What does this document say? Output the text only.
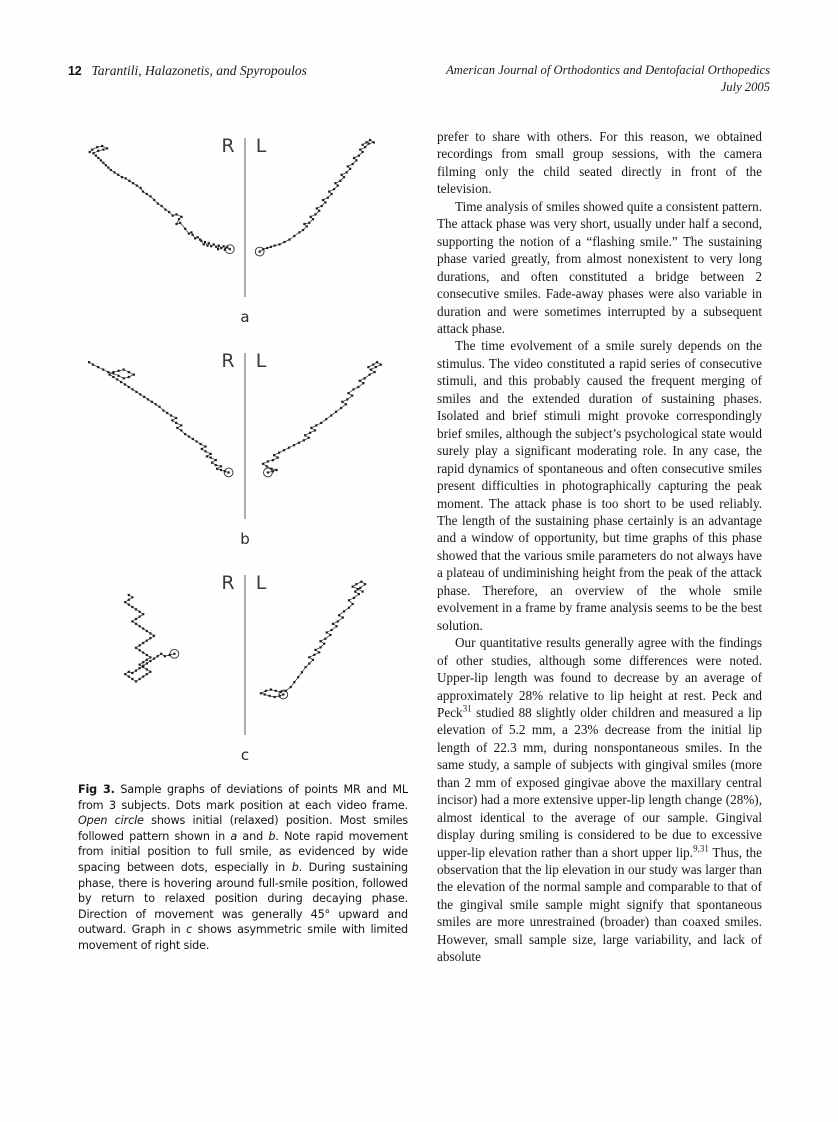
12 Tarantili, Halazonetis, and Spyropoulos	American Journal of Orthodontics and Dentofacial Orthopedics
July 2005
R L
a
R L
b
R L
c
Fig 3. Sample graphs of deviations of points MR and ML from 3 subjects. Dots mark position at each video frame. Open circle shows initial (relaxed) position. Most smiles followed pattern shown in a and b. Note rapid movement from initial position to full smile, as evidenced by wide spacing between dots, especially in b. During sustaining phase, there is hovering around full-smile position, followed by return to relaxed position during decaying phase. Direction of movement was generally 45° upward and outward. Graph in c shows asymmetric smile with limited movement of right side.

prefer to share with others. For this reason, we obtained recordings from small group sessions, with the camera filming only the child seated directly in front of the television.

Time analysis of smiles showed quite a consistent pattern. The attack phase was very short, usually under half a second, supporting the notion of a “flashing smile.” The sustaining phase varied greatly, from almost nonexistent to very long durations, and often constituted a bridge between 2 consecutive smiles. Fade-away phases were also variable in duration and were sometimes interrupted by a subsequent attack phase.

The time evolvement of a smile surely depends on the stimulus. The video constituted a rapid series of consecutive stimuli, and this probably caused the frequent merging of smiles and the extended duration of sustaining phases. Isolated and brief stimuli might provoke correspondingly brief smiles, although the subject’s psychological state would surely play a significant moderating role. In any case, the rapid dynamics of spontaneous and often consecutive smiles present difficulties in photographically capturing the peak moment. The attack phase is too short to be used reliably. The length of the sustaining phase certainly is an advantage and a window of opportunity, but time graphs of this phase showed that the various smile parameters do not always have a plateau of undiminishing height from the peak of the attack phase. Therefore, an overview of the whole smile evolvement in a frame by frame analysis seems to be the best solution.

Our quantitative results generally agree with the findings of other studies, although some differences were noted. Upper-lip length was found to decrease by an average of approximately 28% relative to lip height at rest. Peck and Peck$^{31}$ studied 88 slightly older children and measured a lip elevation of 5.2 mm, a 23% decrease from the initial lip length of 22.3 mm, during nonspontaneous smiles. In the same study, a sample of subjects with gingival smiles (more than 2 mm of exposed gingivae above the maxillary central incisor) had a more extensive upper-lip length change (28%), almost identical to the average of our sample. Gingival display during smiling is considered to be due to excessive upper-lip elevation rather than a short upper lip.$^{9,31}$ Thus, the observation that the lip elevation in our study was larger than the elevation of the normal sample and comparable to that of the gingival smile sample might signify that spontaneous smiles are more unrestrained (broader) than coaxed smiles. However, small sample size, large variability, and lack of absolute
